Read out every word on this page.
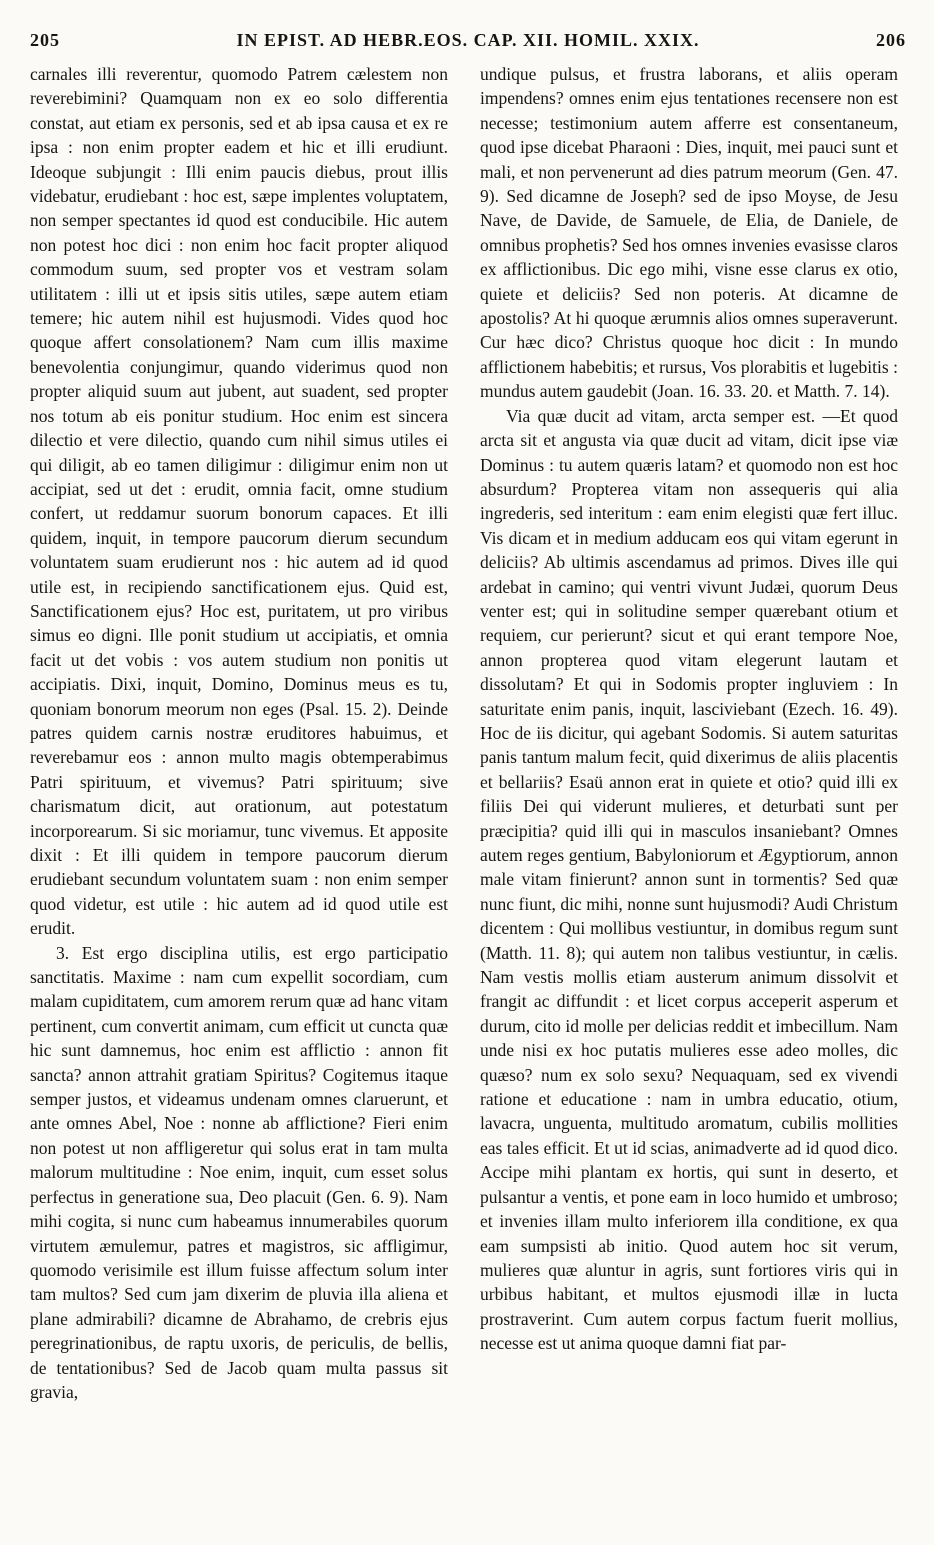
205	IN EPIST. AD HEBR.EOS. CAP. XII. HOMIL. XXIX.	206

carnales illi reverentur, quomodo Patrem cælestem non reverebimini? Quamquam non ex eo solo differentia constat, aut etiam ex personis, sed et ab ipsa causa et ex re ipsa : non enim propter eadem et hic et illi erudiunt. Ideoque subjungit : Illi enim paucis diebus, prout illis videbatur, erudiebant : hoc est, sæpe implentes voluptatem, non semper spectantes id quod est conducibile. Hic autem non potest hoc dici : non enim hoc facit propter aliquod commodum suum, sed propter vos et vestram solam utilitatem : illi ut et ipsis sitis utiles, sæpe autem etiam temere; hic autem nihil est hujusmodi. Vides quod hoc quoque affert consolationem? Nam cum illis maxime benevolentia conjungimur, quando viderimus quod non propter aliquid suum aut jubent, aut suadent, sed propter nos totum ab eis ponitur studium. Hoc enim est sincera dilectio et vere dilectio, quando cum nihil simus utiles ei qui diligit, ab eo tamen diligimur : diligimur enim non ut accipiat, sed ut det : erudit, omnia facit, omne studium confert, ut reddamur suorum bonorum capaces. Et illi quidem, inquit, in tempore paucorum dierum secundum voluntatem suam erudierunt nos : hic autem ad id quod utile est, in recipiendo sanctificationem ejus. Quid est, Sanctificationem ejus? Hoc est, puritatem, ut pro viribus simus eo digni. Ille ponit studium ut accipiatis, et omnia facit ut det vobis : vos autem studium non ponitis ut accipiatis. Dixi, inquit, Domino, Dominus meus es tu, quoniam bonorum meorum non eges (Psal. 15. 2). Deinde patres quidem carnis nostræ eruditores habuimus, et reverebamur eos : annon multo magis obtemperabimus Patri spirituum, et vivemus? Patri spirituum; sive charismatum dicit, aut orationum, aut potestatum incorporearum. Si sic moriamur, tunc vivemus. Et apposite dixit : Et illi quidem in tempore paucorum dierum erudiebant secundum voluntatem suam : non enim semper quod videtur, est utile : hic autem ad id quod utile est erudit.

3. Est ergo disciplina utilis, est ergo participatio sanctitatis. Maxime : nam cum expellit socordiam, cum malam cupiditatem, cum amorem rerum quæ ad hanc vitam pertinent, cum convertit animam, cum efficit ut cuncta quæ hic sunt damnemus, hoc enim est afflictio : annon fit sancta? annon attrahit gratiam Spiritus? Cogitemus itaque semper justos, et videamus undenam omnes claruerunt, et ante omnes Abel, Noe : nonne ab afflictione? Fieri enim non potest ut non affligeretur qui solus erat in tam multa malorum multitudine : Noe enim, inquit, cum esset solus perfectus in generatione sua, Deo placuit (Gen. 6. 9). Nam mihi cogita, si nunc cum habeamus innumerabiles quorum virtutem æmulemur, patres et magistros, sic affligimur, quomodo verisimile est illum fuisse affectum solum inter tam multos? Sed cum jam dixerim de pluvia illa aliena et plane admirabili? dicamne de Abrahamo, de crebris ejus peregrinationibus, de raptu uxoris, de periculis, de bellis, de tentationibus? Sed de Jacob quam multa passus sit gravia,

undique pulsus, et frustra laborans, et aliis operam impendens? omnes enim ejus tentationes recensere non est necesse; testimonium autem afferre est consentaneum, quod ipse dicebat Pharaoni : Dies, inquit, mei pauci sunt et mali, et non pervenerunt ad dies patrum meorum (Gen. 47. 9). Sed dicamne de Joseph? sed de ipso Moyse, de Jesu Nave, de Davide, de Samuele, de Elia, de Daniele, de omnibus prophetis? Sed hos omnes invenies evasisse claros ex afflictionibus. Dic ego mihi, visne esse clarus ex otio, quiete et deliciis? Sed non poteris. At dicamne de apostolis? At hi quoque ærumnis alios omnes superaverunt. Cur hæc dico? Christus quoque hoc dicit : In mundo afflictionem habebitis; et rursus, Vos plorabitis et lugebitis : mundus autem gaudebit (Joan. 16. 33. 20. et Matth. 7. 14).

Via quæ ducit ad vitam, arcta semper est. —Et quod arcta sit et angusta via quæ ducit ad vitam, dicit ipse viæ Dominus : tu autem quæris latam? et quomodo non est hoc absurdum? Propterea vitam non assequeris qui alia ingrederis, sed interitum : eam enim elegisti quæ fert illuc. Vis dicam et in medium adducam eos qui vitam egerunt in deliciis? Ab ultimis ascendamus ad primos. Dives ille qui ardebat in camino; qui ventri vivunt Judæi, quorum Deus venter est; qui in solitudine semper quærebant otium et requiem, cur perierunt? sicut et qui erant tempore Noe, annon propterea quod vitam elegerunt lautam et dissolutam? Et qui in Sodomis propter ingluviem : In saturitate enim panis, inquit, lasciviebant (Ezech. 16. 49). Hoc de iis dicitur, qui agebant Sodomis. Si autem saturitas panis tantum malum fecit, quid dixerimus de aliis placentis et bellariis? Esaü annon erat in quiete et otio? quid illi ex filiis Dei qui viderunt mulieres, et deturbati sunt per præcipitia? quid illi qui in masculos insaniebant? Omnes autem reges gentium, Babyloniorum et Ægyptiorum, annon male vitam finierunt? annon sunt in tormentis? Sed quæ nunc fiunt, dic mihi, nonne sunt hujusmodi? Audi Christum dicentem : Qui mollibus vestiuntur, in domibus regum sunt (Matth. 11. 8); qui autem non talibus vestiuntur, in cælis. Nam vestis mollis etiam austerum animum dissolvit et frangit ac diffundit : et licet corpus acceperit asperum et durum, cito id molle per delicias reddit et imbecillum. Nam unde nisi ex hoc putatis mulieres esse adeo molles, dic quæso? num ex solo sexu? Nequaquam, sed ex vivendi ratione et educatione : nam in umbra educatio, otium, lavacra, unguenta, multitudo aromatum, cubilis mollities eas tales efficit. Et ut id scias, animadverte ad id quod dico. Accipe mihi plantam ex hortis, qui sunt in deserto, et pulsantur a ventis, et pone eam in loco humido et umbroso; et invenies illam multo inferiorem illa conditione, ex qua eam sumpsisti ab initio. Quod autem hoc sit verum, mulieres quæ aluntur in agris, sunt fortiores viris qui in urbibus habitant, et multos ejusmodi illæ in lucta prostraverint. Cum autem corpus factum fuerit mollius, necesse est ut anima quoque damni fiat par-
